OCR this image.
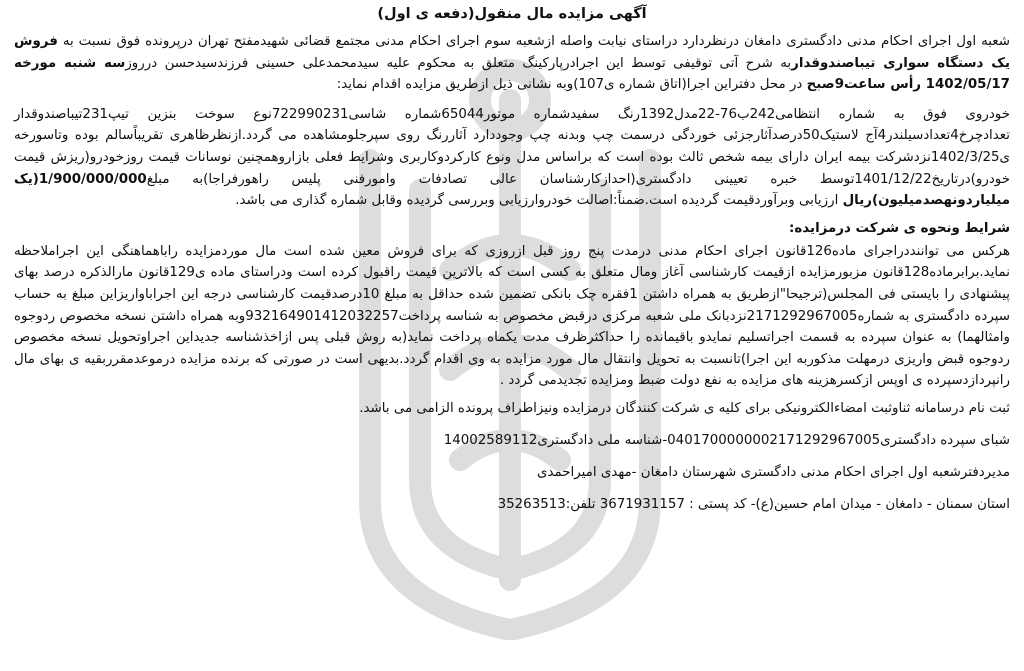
آگهی مزایده مال منقول(دفعه ی اول)

شعبه اول اجرای احکام مدنی دادگستری دامغان درنظردارد دراستای نیابت واصله ازشعبه سوم اجرای احکام مدنی مجتمع قضائی شهیدمفتح تهران درپرونده فوق نسبت به فروش یک دستگاه سواری تیباصندوقداربه شرح آتی توقیفی توسط این اجرادرپارکینگ متعلق به محکوم علیه سیدمحمدعلی حسینی فرزندسیدحسن درروزسه شنبه مورخه 1402/05/17 رأس ساعت9صبح در محل دفتراین اجرا(اتاق شماره ی107)وبه نشانی ذیل ازطریق مزایده اقدام نماید:

خودروی فوق به شماره انتظامی242ب76-22مدل1392رنگ سفیدشماره موتور65044شماره شاسی722990231نوع سوخت بنزین تیپ231تیباصندوقدار تعدادچرخ4تعدادسیلندر4آج لاستیک50درصدآثارجزئی خوردگی درسمت چپ وبدنه چپ وجوددارد آثاررنگ روی سپرجلومشاهده می گردد.ازنظرظاهری تقریباًسالم بوده وتاسورخه ی1402/3/25نزدشرکت بیمه ایران دارای بیمه شخص ثالث بوده است که براساس مدل ونوع کارکردوکاربری وشرایط فعلی بازاروهمچنین نوسانات قیمت روزخودرو(ریزش قیمت خودرو)درتاریخ1401/12/22توسط خبره تعیینی دادگستری(احدازکارشناسان عالی تصادفات وامورفنی پلیس راهورفراجا)به مبلغ1/900/000/000(یک میلیاردونهصدمیلیون)ریال ارزیابی وبرآوردقیمت گردیده است.ضمناً:اصالت خودروارزیابی وبررسی گردیده وقابل شماره گذاری می باشد.

شرایط ونحوه ی شرکت درمزایده:

هرکس می تواننددراجرای ماده126قانون اجرای احکام مدنی درمدت پنج روز قبل ازروزی که برای فروش معین شده است مال موردمزایده راباهماهنگی این اجراملاحظه نماید.برابرماده128قانون مزبورمزایده ازقیمت کارشناسی آغاز ومال متعلق به کسی است که بالاترین قیمت راقبول کرده است ودراستای ماده ی129قانون مارالذکره درصد بهای پیشنهادی را بایستی فی المجلس(ترجیحا"ازطریق به همراه داشتن 1فقره چک بانکی تضمین شده حداقل به مبلغ 10درصدقیمت کارشناسی درجه این اجراباواریزاین مبلغ به حساب سپرده دادگستری به شماره2171292967005نزدبانک ملی شعبه مرکزی درقبض مخصوص به شناسه پرداخت932164901412032257وبه همراه داشتن نسخه مخصوص ردوجوه وامثالهما) به عنوان سپرده به قسمت اجراتسلیم نمایدو باقیمانده را حداکثرظرف مدت یکماه پرداخت نماید(به روش قبلی پس ازاخذشناسه جدیداین اجراوتحویل نسخه مخصوص ردوجوه قبض واریزی درمهلت مذکوربه این اجرا)تانسبت به تحویل وانتقال مال مورد مزایده به وی اقدام گردد.بدیهی است در صورتی که برنده مزایده درموعدمقرربقیه ی بهای مال رانپردازدسپرده ی اوپس ازکسرهزینه های مزایده به نفع دولت ضبط ومزایده تجدیدمی گردد .

ثبت نام درسامانه ثناوثبت امضاءالکترونیکی برای کلیه ی شرکت کنندگان درمزایده ونیزاطراف پرونده الزامی می باشد.

شبای سپرده دادگستری0401700000002171292967005-شناسه ملی دادگستری14002589112

مدیردفترشعبه اول اجرای احکام مدنی دادگستری شهرستان دامغان -مهدی امیراحمدی

استان سمنان - دامغان - میدان امام حسین(ع)- کد پستی : 3671931157 تلفن:35263513
